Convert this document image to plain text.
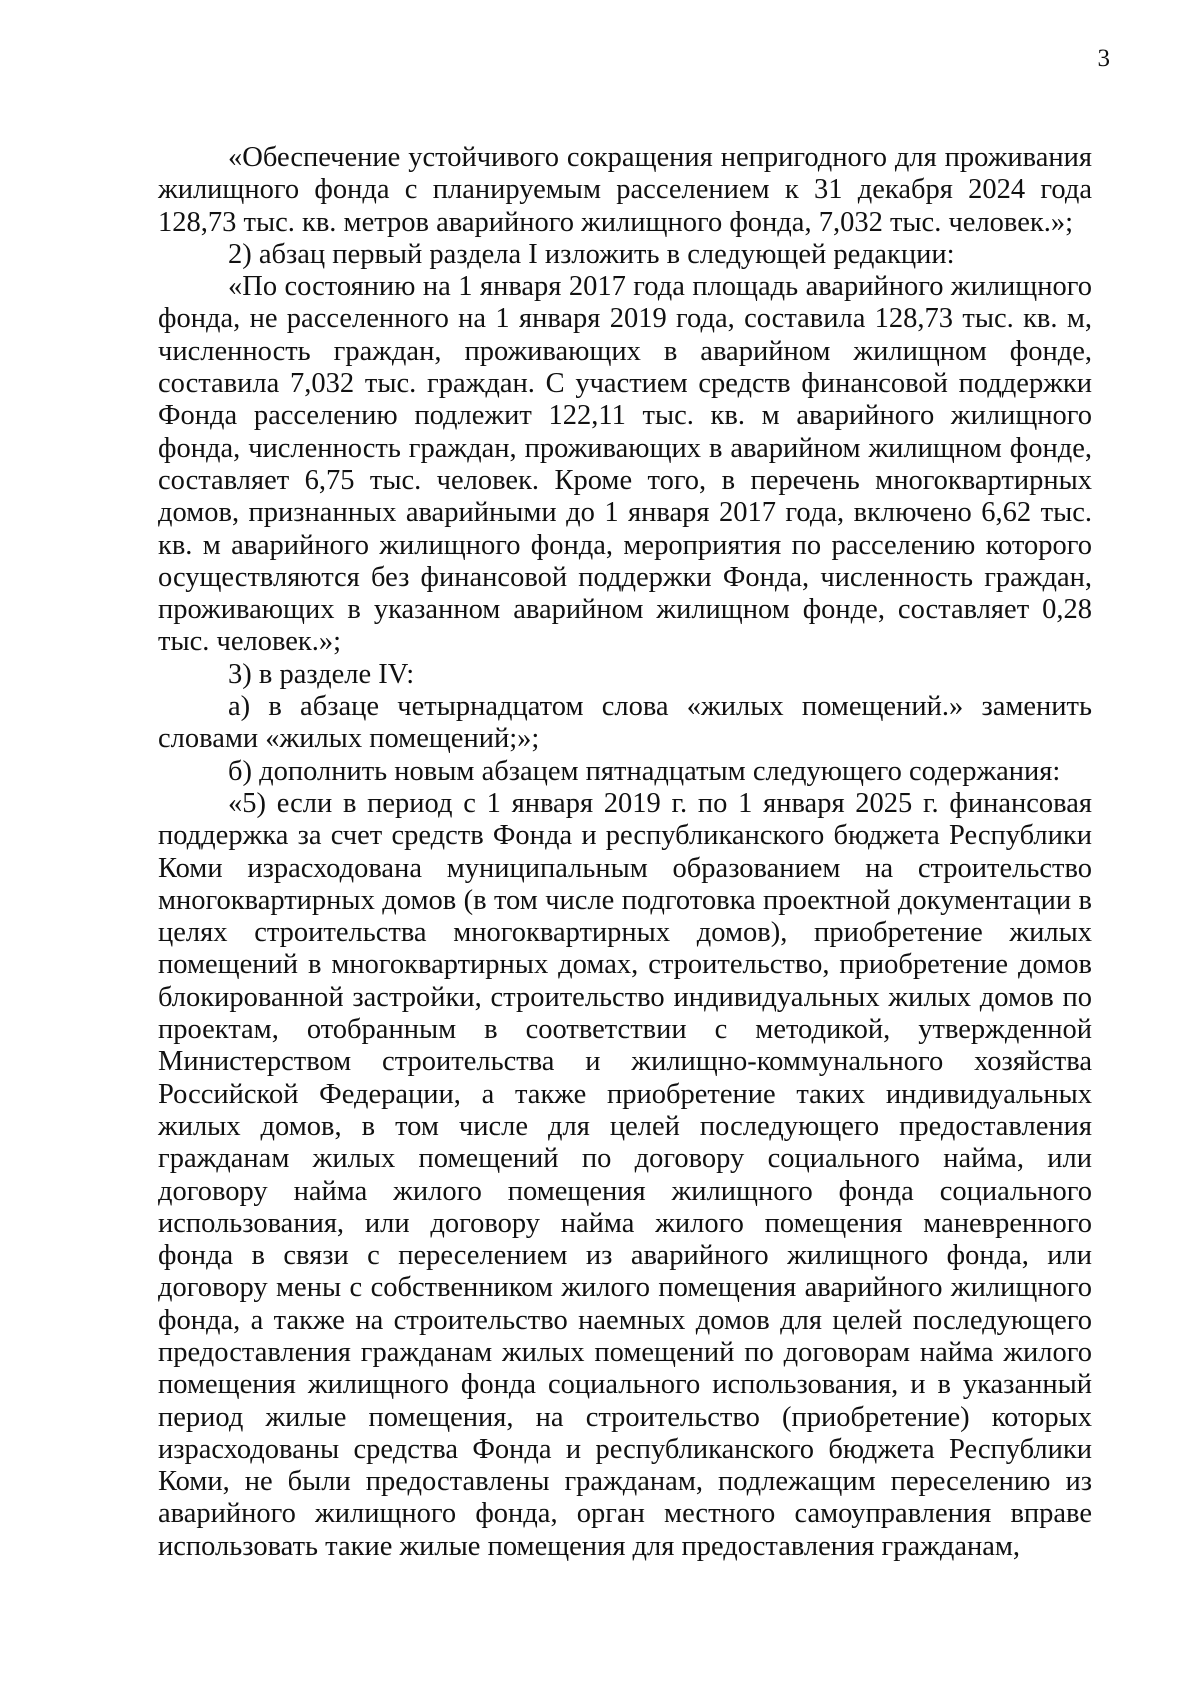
3

«Обеспечение устойчивого сокращения непригодного для проживания жилищного фонда с планируемым расселением к 31 декабря 2024 года 128,73 тыс. кв. метров аварийного жилищного фонда, 7,032 тыс. человек.»;

2) абзац первый раздела I изложить в следующей редакции:

«По состоянию на 1 января 2017 года площадь аварийного жилищного фонда, не расселенного на 1 января 2019 года, составила 128,73 тыс. кв. м, численность граждан, проживающих в аварийном жилищном фонде, составила 7,032 тыс. граждан. С участием средств финансовой поддержки Фонда расселению подлежит 122,11 тыс. кв. м аварийного жилищного фонда, численность граждан, проживающих в аварийном жилищном фонде, составляет 6,75 тыс. человек. Кроме того, в перечень многоквартирных домов, признанных аварийными до 1 января 2017 года, включено 6,62 тыс. кв. м аварийного жилищного фонда, мероприятия по расселению которого осуществляются без финансовой поддержки Фонда, численность граждан, проживающих в указанном аварийном жилищном фонде, составляет 0,28 тыс. человек.»;

3) в разделе IV:

а) в абзаце четырнадцатом слова «жилых помещений.» заменить словами «жилых помещений;»;

б) дополнить новым абзацем пятнадцатым следующего содержания:

«5) если в период с 1 января 2019 г. по 1 января 2025 г. финансовая поддержка за счет средств Фонда и республиканского бюджета Республики Коми израсходована муниципальным образованием на строительство многоквартирных домов (в том числе подготовка проектной документации в целях строительства многоквартирных домов), приобретение жилых помещений в многоквартирных домах, строительство, приобретение домов блокированной застройки, строительство индивидуальных жилых домов по проектам, отобранным в соответствии с методикой, утвержденной Министерством строительства и жилищно-коммунального хозяйства Российской Федерации, а также приобретение таких индивидуальных жилых домов, в том числе для целей последующего предоставления гражданам жилых помещений по договору социального найма, или договору найма жилого помещения жилищного фонда социального использования, или договору найма жилого помещения маневренного фонда в связи с переселением из аварийного жилищного фонда, или договору мены с собственником жилого помещения аварийного жилищного фонда, а также на строительство наемных домов для целей последующего предоставления гражданам жилых помещений по договорам найма жилого помещения жилищного фонда социального использования, и в указанный период жилые помещения, на строительство (приобретение) которых израсходованы средства Фонда и республиканского бюджета Республики Коми, не были предоставлены гражданам, подлежащим переселению из аварийного жилищного фонда, орган местного самоуправления вправе использовать такие жилые помещения для предоставления гражданам,
